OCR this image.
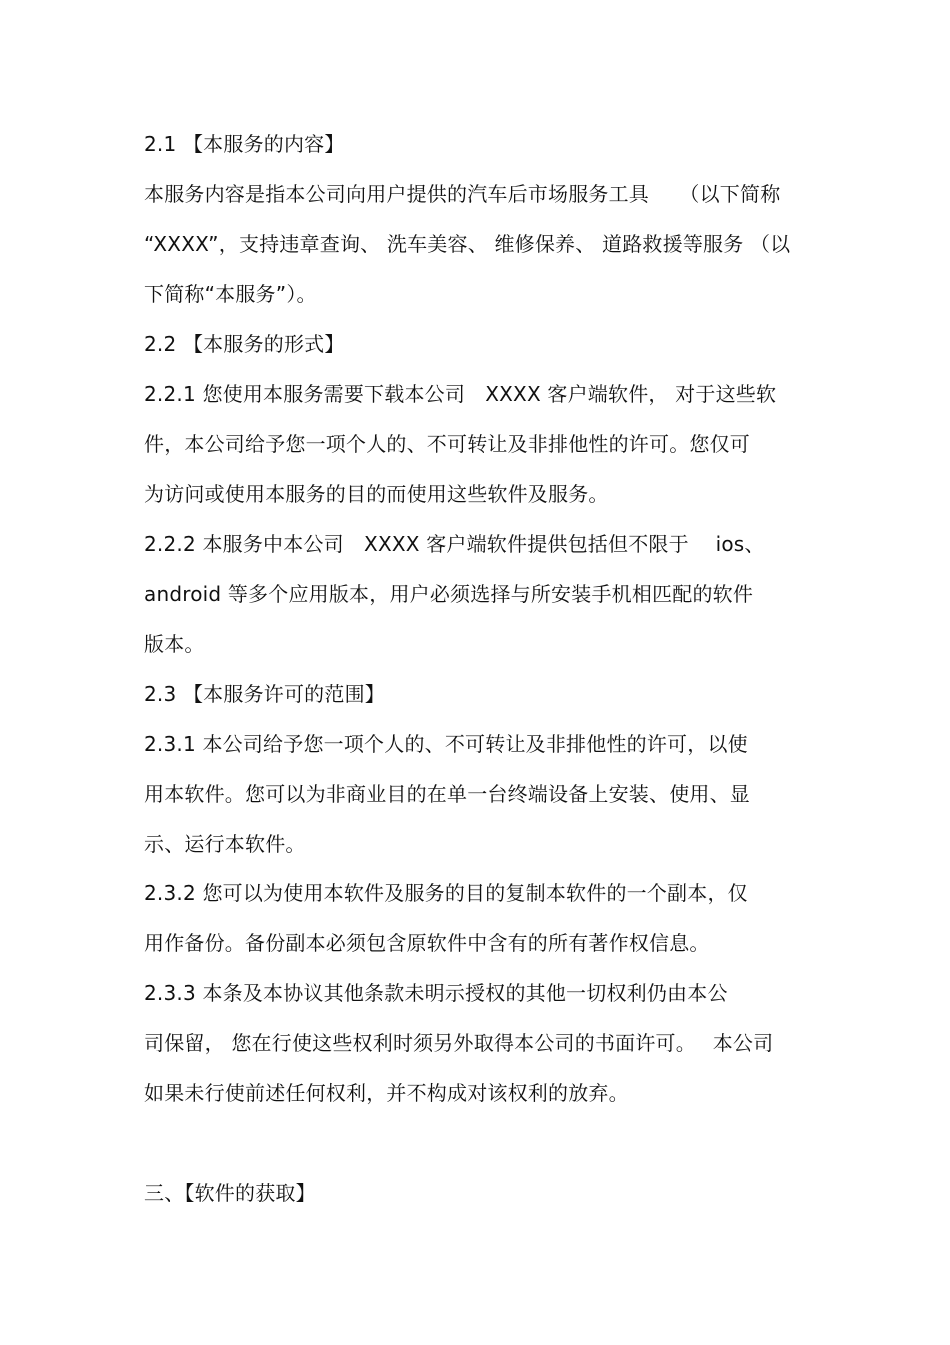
2.1 【本服务的内容】
本服务内容是指本公司向用户提供的汽车后市场服务工具　　（以下简称
“XXXX”，支持违章查询、 洗车美容、 维修保养、 道路救援等服务 （以
下简称“本服务”）。
2.2 【本服务的形式】
2.2.1 您使用本服务需要下载本公司　XXXX 客户端软件， 对于这些软
件，本公司给予您一项个人的、不可转让及非排他性的许可。您仅可
为访问或使用本服务的目的而使用这些软件及服务。
2.2.2 本服务中本公司　XXXX 客户端软件提供包括但不限于　 ios、
android 等多个应用版本，用户必须选择与所安装手机相匹配的软件
版本。
2.3 【本服务许可的范围】
2.3.1 本公司给予您一项个人的、不可转让及非排他性的许可，以使
用本软件。您可以为非商业目的在单一台终端设备上安装、使用、显
示、运行本软件。
2.3.2 您可以为使用本软件及服务的目的复制本软件的一个副本，仅
用作备份。备份副本必须包含原软件中含有的所有著作权信息。
2.3.3 本条及本协议其他条款未明示授权的其他一切权利仍由本公
司保留， 您在行使这些权利时须另外取得本公司的书面许可。　 本公司
如果未行使前述任何权利，并不构成对该权利的放弃。
三、【软件的获取】
